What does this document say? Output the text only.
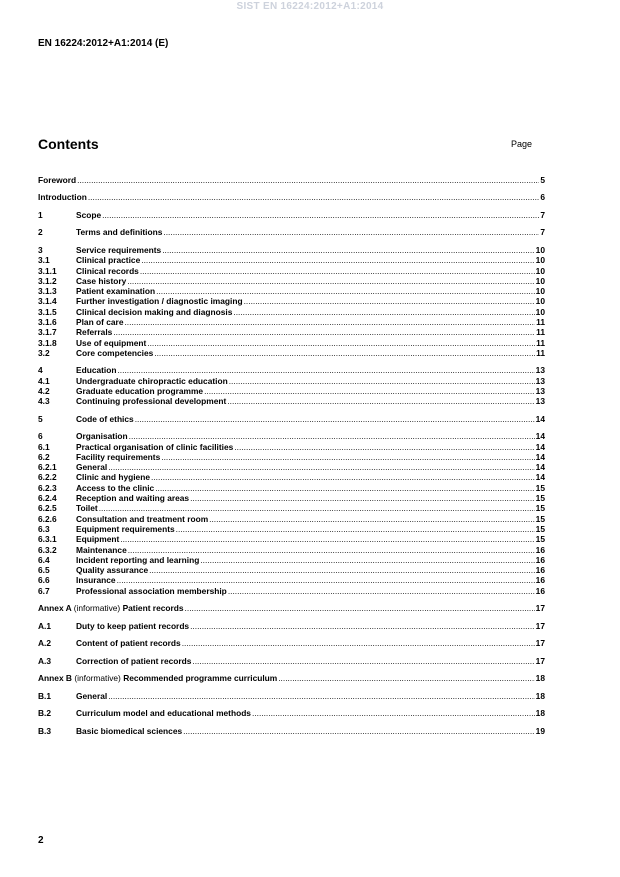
SIST EN 16224:2012+A1:2014
EN 16224:2012+A1:2014 (E)
Contents	Page
Foreword .....	5
Introduction .....	6
1	Scope .....	7
2	Terms and definitions .....	7
3	Service requirements .....	10
3.1	Clinical practice .....	10
3.1.1	Clinical records .....	10
3.1.2	Case history .....	10
3.1.3	Patient examination .....	10
3.1.4	Further investigation / diagnostic imaging .....	10
3.1.5	Clinical decision making and diagnosis .....	10
3.1.6	Plan of care .....	11
3.1.7	Referrals .....	11
3.1.8	Use of equipment .....	11
3.2	Core competencies .....	11
4	Education .....	13
4.1	Undergraduate chiropractic education .....	13
4.2	Graduate education programme .....	13
4.3	Continuing professional development .....	13
5	Code of ethics .....	14
6	Organisation .....	14
6.1	Practical organisation of clinic facilities .....	14
6.2	Facility requirements .....	14
6.2.1	General .....	14
6.2.2	Clinic and hygiene .....	14
6.2.3	Access to the clinic .....	15
6.2.4	Reception and waiting areas .....	15
6.2.5	Toilet .....	15
6.2.6	Consultation and treatment room .....	15
6.3	Equipment requirements .....	15
6.3.1	Equipment .....	15
6.3.2	Maintenance .....	16
6.4	Incident reporting and learning .....	16
6.5	Quality assurance .....	16
6.6	Insurance .....	16
6.7	Professional association membership .....	16
Annex A (informative) Patient records .....	17
A.1	Duty to keep patient records .....	17
A.2	Content of patient records .....	17
A.3	Correction of patient records .....	17
Annex B (informative) Recommended programme curriculum .....	18
B.1	General .....	18
B.2	Curriculum model and educational methods .....	18
B.3	Basic biomedical sciences .....	19
2
